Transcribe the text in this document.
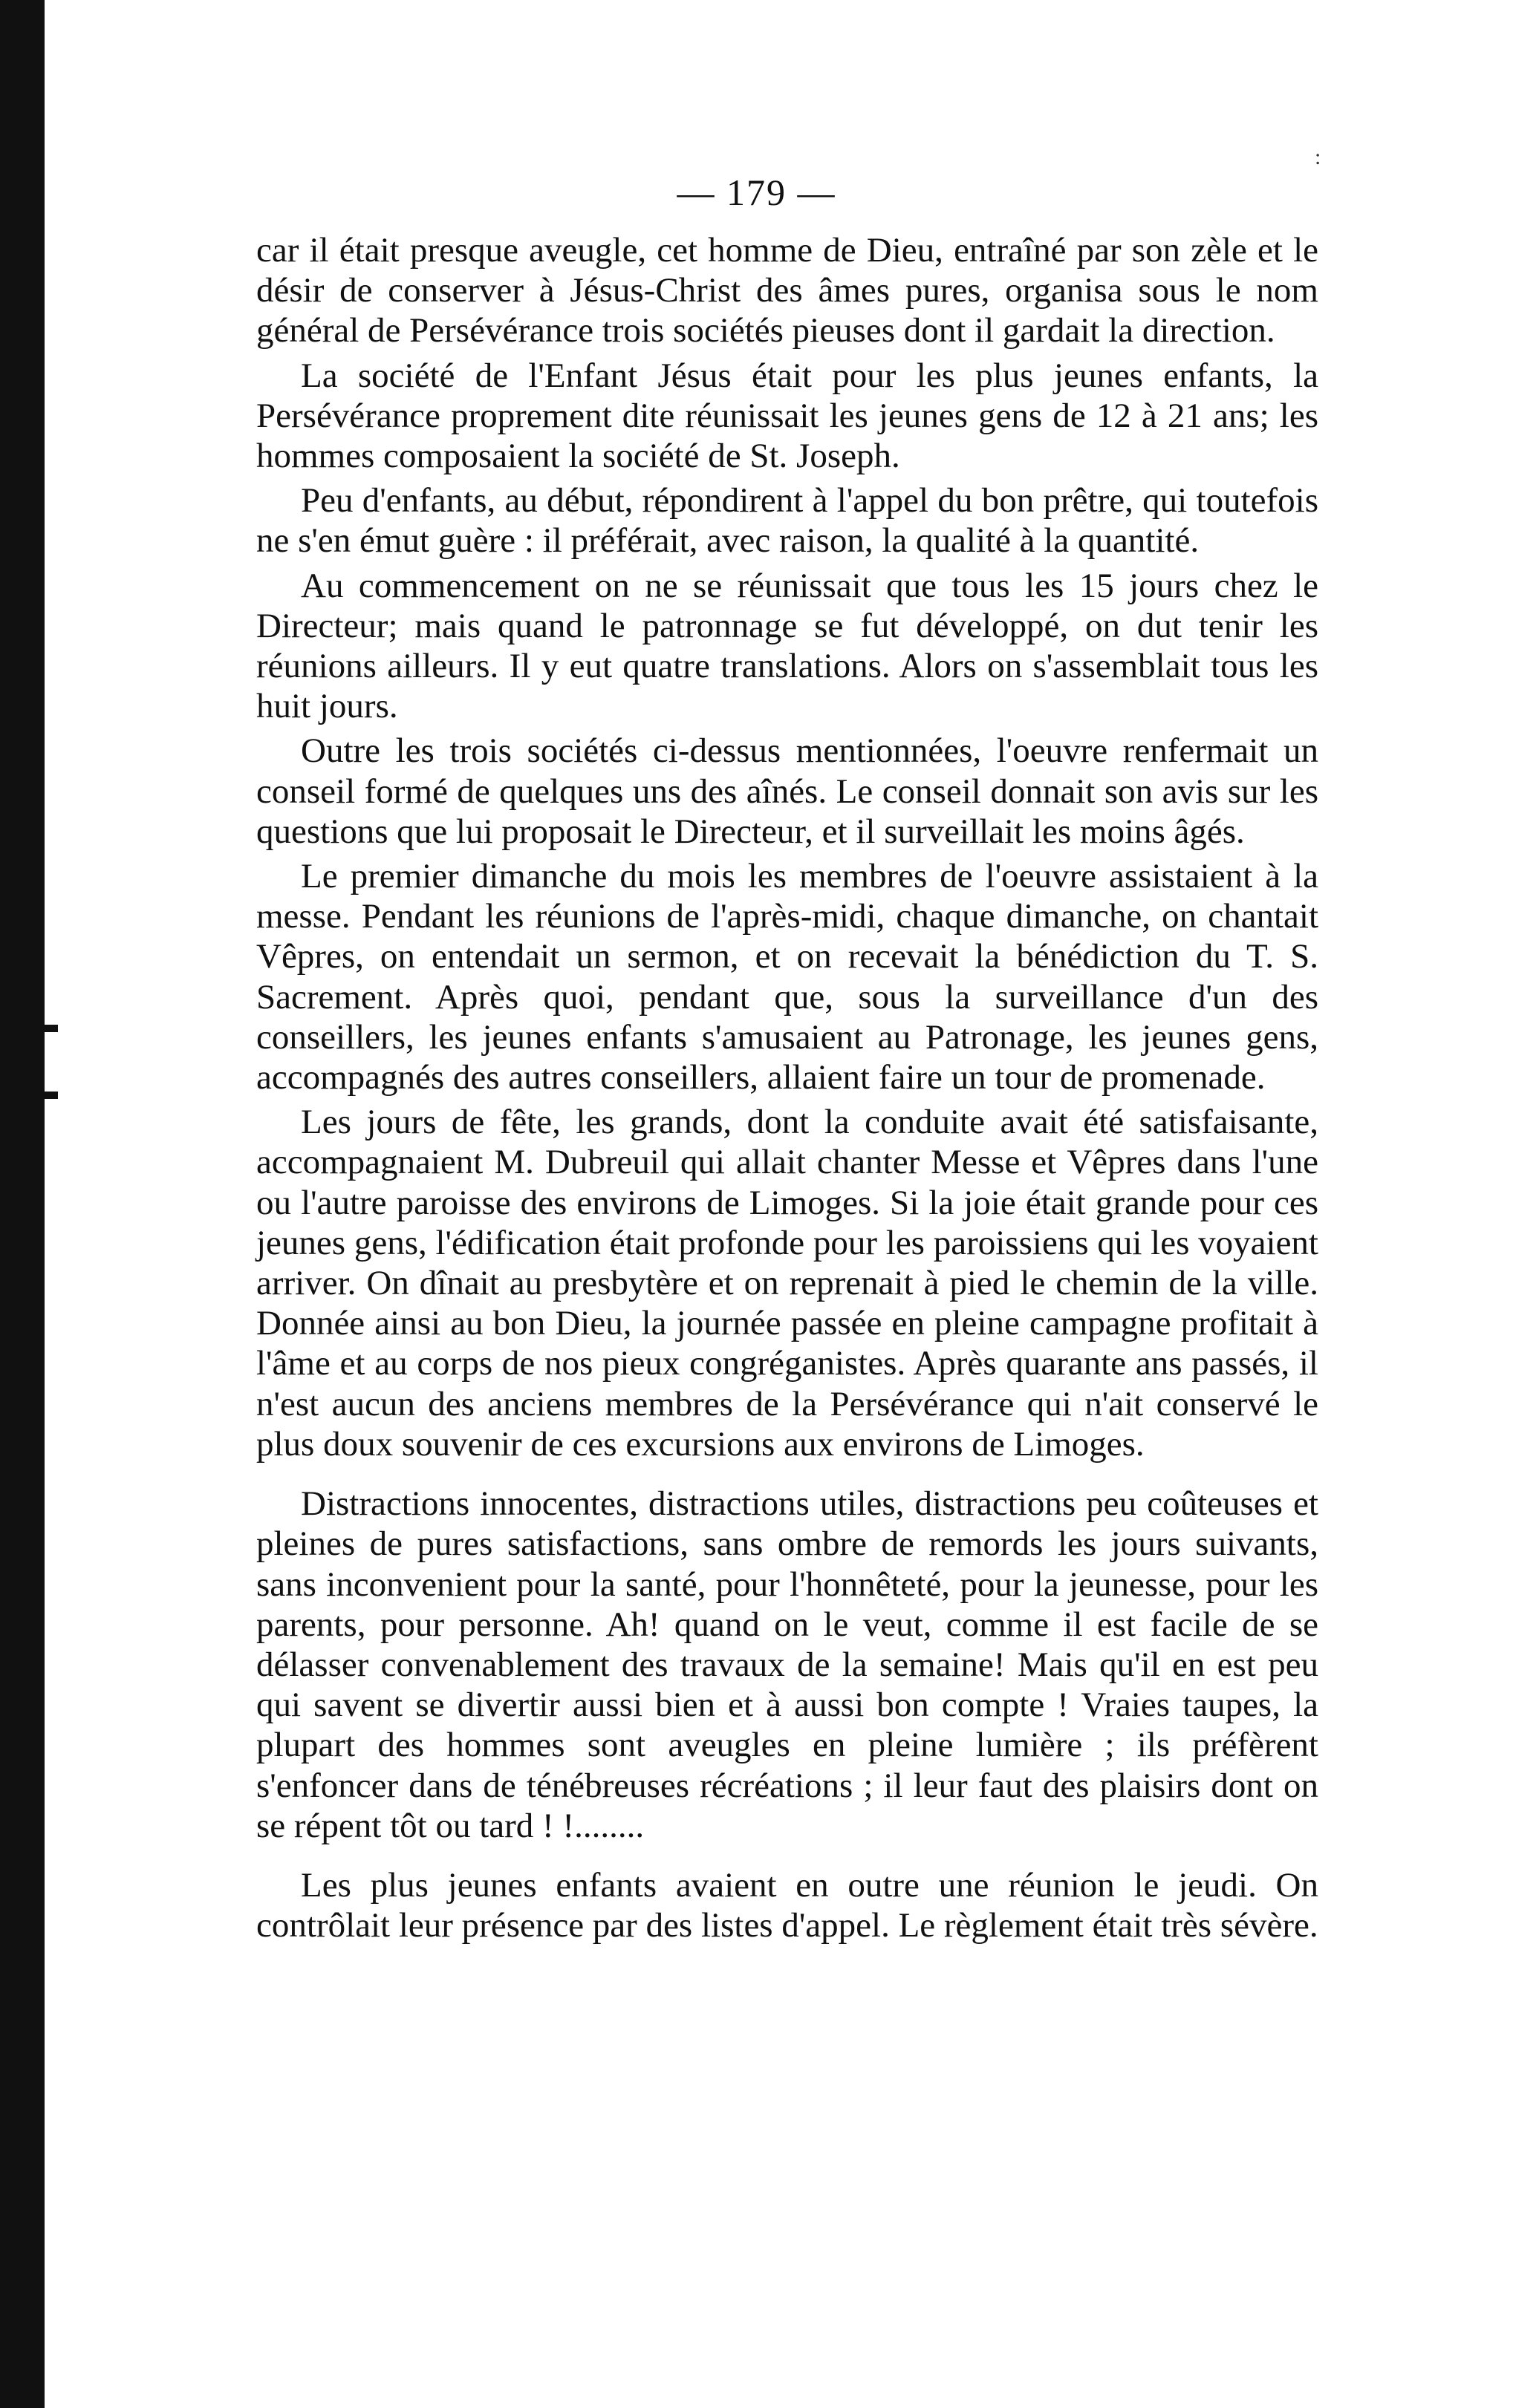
— 179 —
:

car il était presque aveugle, cet homme de Dieu, entraîné par son zèle et le désir de conserver à Jésus-Christ des âmes pures, organisa sous le nom général de Persévérance trois sociétés pieuses dont il gardait la direction.

La société de l'Enfant Jésus était pour les plus jeunes enfants, la Persévérance proprement dite réunissait les jeunes gens de 12 à 21 ans; les hommes composaient la société de St. Joseph.

Peu d'enfants, au début, répondirent à l'appel du bon prêtre, qui toutefois ne s'en émut guère : il préférait, avec raison, la qualité à la quantité.

Au commencement on ne se réunissait que tous les 15 jours chez le Directeur; mais quand le patronnage se fut développé, on dut tenir les réunions ailleurs. Il y eut quatre translations. Alors on s'assemblait tous les huit jours.

Outre les trois sociétés ci-dessus mentionnées, l'oeuvre renfermait un conseil formé de quelques uns des aînés. Le conseil donnait son avis sur les questions que lui proposait le Directeur, et il surveillait les moins âgés.

Le premier dimanche du mois les membres de l'oeuvre assistaient à la messe. Pendant les réunions de l'après-midi, chaque dimanche, on chantait Vêpres, on entendait un sermon, et on recevait la bénédiction du T. S. Sacrement. Après quoi, pendant que, sous la surveillance d'un des conseillers, les jeunes enfants s'amusaient au Patronage, les jeunes gens, accompagnés des autres conseillers, allaient faire un tour de promenade.

Les jours de fête, les grands, dont la conduite avait été satisfaisante, accompagnaient M. Dubreuil qui allait chanter Messe et Vêpres dans l'une ou l'autre paroisse des environs de Limoges. Si la joie était grande pour ces jeunes gens, l'édification était profonde pour les paroissiens qui les voyaient arriver. On dînait au presbytère et on reprenait à pied le chemin de la ville. Donnée ainsi au bon Dieu, la journée passée en pleine campagne profitait à l'âme et au corps de nos pieux congréganistes. Après quarante ans passés, il n'est aucun des anciens membres de la Persévérance qui n'ait conservé le plus doux souvenir de ces excursions aux environs de Limoges.

Distractions innocentes, distractions utiles, distractions peu coûteuses et pleines de pures satisfactions, sans ombre de remords les jours suivants, sans inconvenient pour la santé, pour l'honnêteté, pour la jeunesse, pour les parents, pour personne. Ah! quand on le veut, comme il est facile de se délasser convenablement des travaux de la semaine! Mais qu'il en est peu qui savent se divertir aussi bien et à aussi bon compte ! Vraies taupes, la plupart des hommes sont aveugles en pleine lumière ; ils préfèrent s'enfoncer dans de ténébreuses récréations ; il leur faut des plaisirs dont on se répent tôt ou tard ! !........

Les plus jeunes enfants avaient en outre une réunion le jeudi. On contrôlait leur présence par des listes d'appel. Le règlement était très sévère.
